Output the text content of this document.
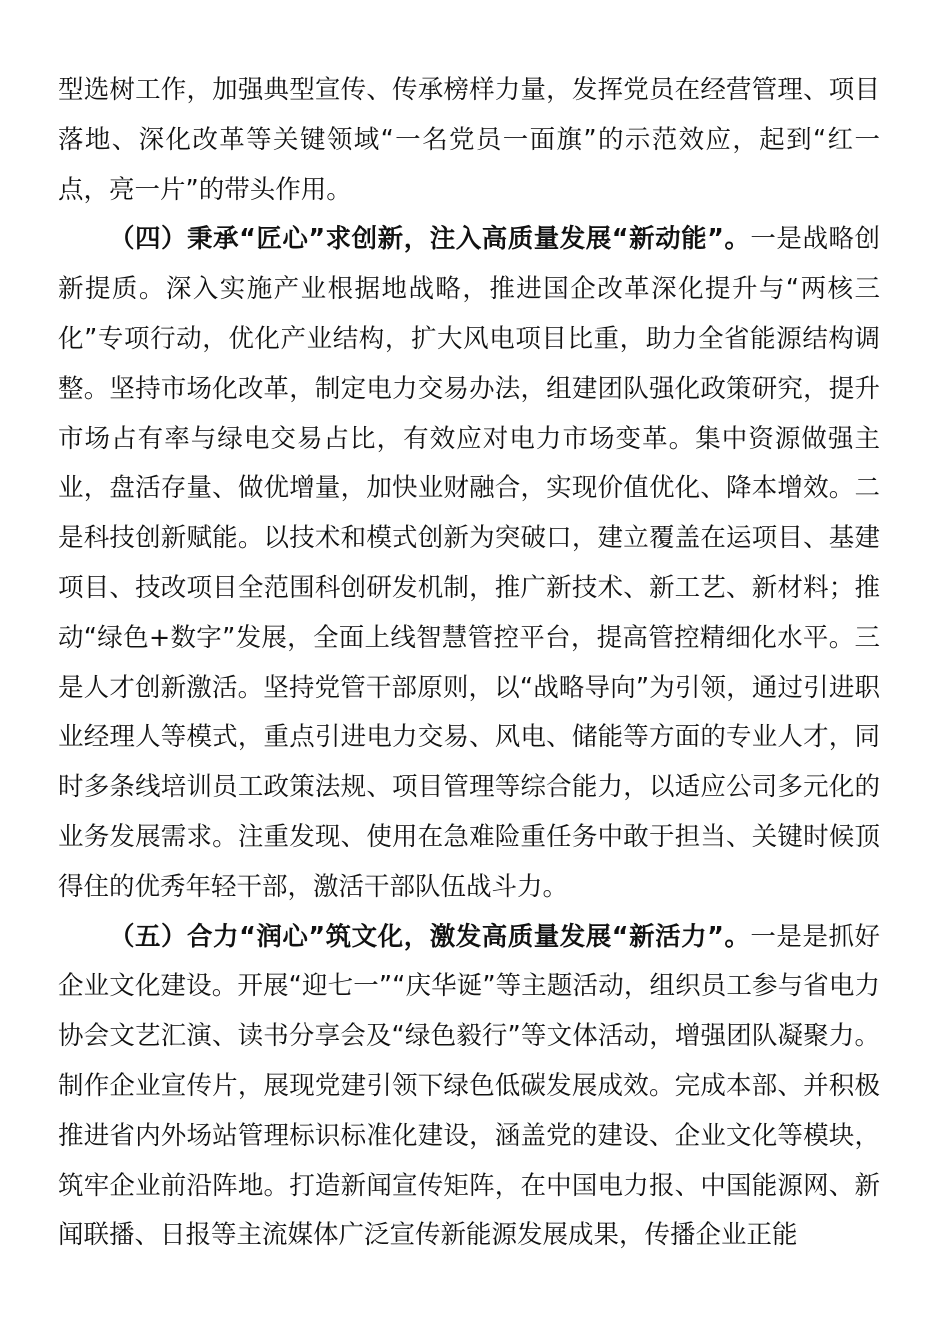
型选树工作，加强典型宣传、传承榜样力量，发挥党员在经营管理、项目落地、深化改革等关键领域“一名党员一面旗”的示范效应，起到“红一点，亮一片”的带头作用。

（四）秉承“匠心”求创新，注入高质量发展“新动能”。一是战略创新提质。深入实施产业根据地战略，推进国企改革深化提升与“两核三化”专项行动，优化产业结构，扩大风电项目比重，助力全省能源结构调整。坚持市场化改革，制定电力交易办法，组建团队强化政策研究，提升市场占有率与绿电交易占比，有效应对电力市场变革。集中资源做强主业，盘活存量、做优增量，加快业财融合，实现价值优化、降本增效。二是科技创新赋能。以技术和模式创新为突破口，建立覆盖在运项目、基建项目、技改项目全范围科创研发机制，推广新技术、新工艺、新材料；推动“绿色+数字”发展，全面上线智慧管控平台，提高管控精细化水平。三是人才创新激活。坚持党管干部原则，以“战略导向”为引领，通过引进职业经理人等模式，重点引进电力交易、风电、储能等方面的专业人才，同时多条线培训员工政策法规、项目管理等综合能力，以适应公司多元化的业务发展需求。注重发现、使用在急难险重任务中敢于担当、关键时候顶得住的优秀年轻干部，激活干部队伍战斗力。

（五）合力“润心”筑文化，激发高质量发展“新活力”。一是是抓好企业文化建设。开展“迎七一”“庆华诞”等主题活动，组织员工参与省电力协会文艺汇演、读书分享会及“绿色毅行”等文体活动，增强团队凝聚力。制作企业宣传片，展现党建引领下绿色低碳发展成效。完成本部、并积极推进省内外场站管理标识标准化建设，涵盖党的建设、企业文化等模块，筑牢企业前沿阵地。打造新闻宣传矩阵，在中国电力报、中国能源网、新闻联播、日报等主流媒体广泛宣传新能源发展成果，传播企业正能
